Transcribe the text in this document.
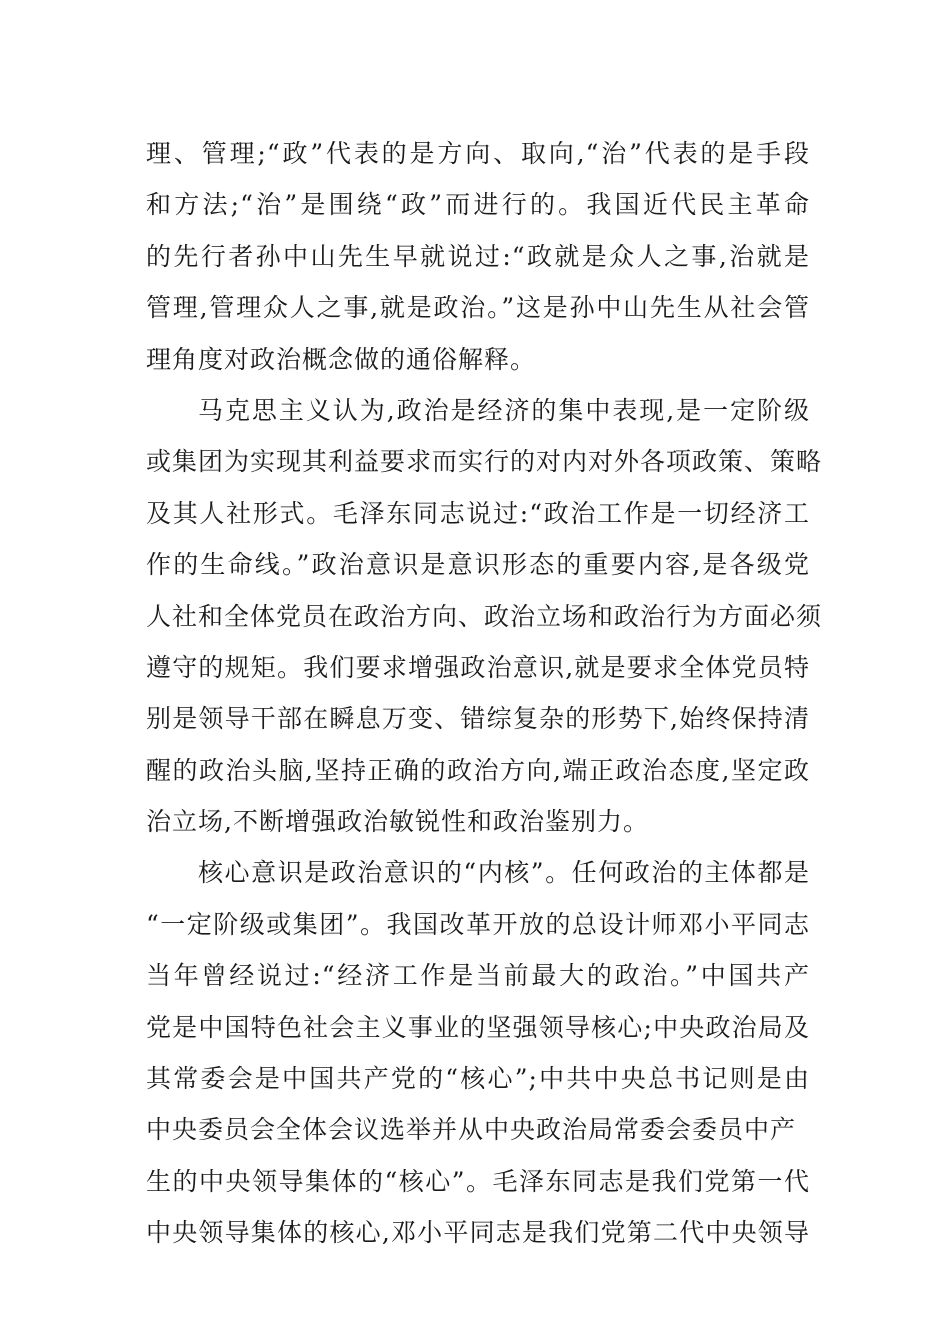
理、管理;“政”代表的是方向、取向,“治”代表的是手段
和方法;“治”是围绕“政”而进行的。我国近代民主革命
的先行者孙中山先生早就说过:“政就是众人之事,治就是
管理,管理众人之事,就是政治。”这是孙中山先生从社会管
理角度对政治概念做的通俗解释。
马克思主义认为,政治是经济的集中表现,是一定阶级
或集团为实现其利益要求而实行的对内对外各项政策、策略
及其人社形式。毛泽东同志说过:“政治工作是一切经济工
作的生命线。”政治意识是意识形态的重要内容,是各级党
人社和全体党员在政治方向、政治立场和政治行为方面必须
遵守的规矩。我们要求增强政治意识,就是要求全体党员特
别是领导干部在瞬息万变、错综复杂的形势下,始终保持清
醒的政治头脑,坚持正确的政治方向,端正政治态度,坚定政
治立场,不断增强政治敏锐性和政治鉴别力。
核心意识是政治意识的“内核”。任何政治的主体都是
“一定阶级或集团”。我国改革开放的总设计师邓小平同志
当年曾经说过:“经济工作是当前最大的政治。”中国共产
党是中国特色社会主义事业的坚强领导核心;中央政治局及
其常委会是中国共产党的“核心”;中共中央总书记则是由
中央委员会全体会议选举并从中央政治局常委会委员中产
生的中央领导集体的“核心”。毛泽东同志是我们党第一代
中央领导集体的核心,邓小平同志是我们党第二代中央领导
